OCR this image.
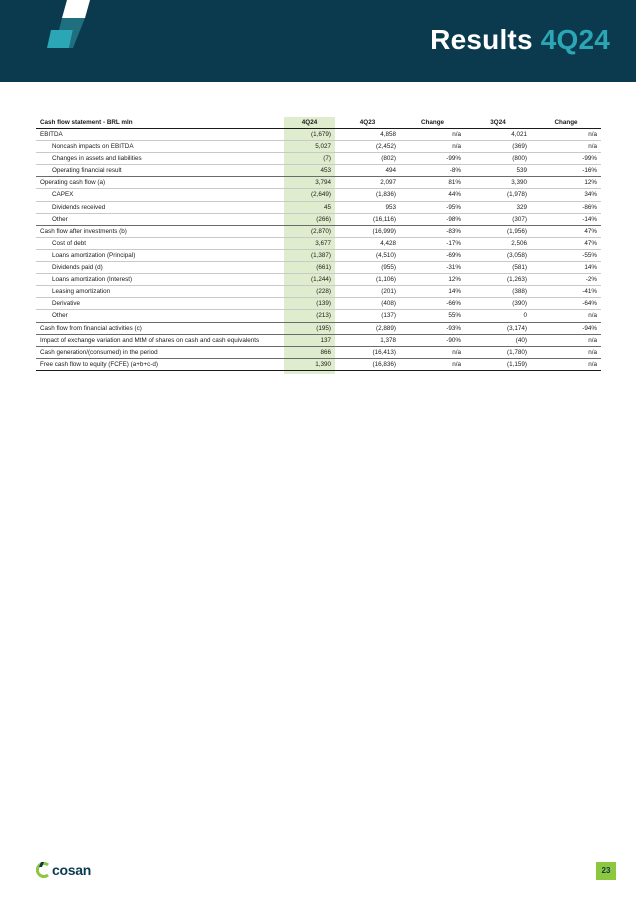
Results 4Q24
Cash flow statement - BRL mln	4Q24	4Q23	Change	3Q24	Change
EBITDA	(1,679)	4,858	n/a	4,021	n/a
Noncash impacts on EBITDA	5,027	(2,452)	n/a	(369)	n/a
Changes in assets and liabilities	(7)	(802)	-99%	(800)	-99%
Operating financial result	453	494	-8%	539	-16%
Operating cash flow (a)	3,794	2,097	81%	3,390	12%
CAPEX	(2,649)	(1,836)	44%	(1,978)	34%
Dividends received	45	953	-95%	329	-86%
Other	(266)	(16,116)	-98%	(307)	-14%
Cash flow after investments (b)	(2,870)	(16,999)	-83%	(1,956)	47%
Cost of debt	3,677	4,428	-17%	2,506	47%
Loans amortization (Principal)	(1,387)	(4,510)	-69%	(3,058)	-55%
Dividends paid (d)	(661)	(955)	-31%	(581)	14%
Loans amortization (Interest)	(1,244)	(1,106)	12%	(1,263)	-2%
Leasing amortization	(228)	(201)	14%	(388)	-41%
Derivative	(139)	(408)	-66%	(390)	-64%
Other	(213)	(137)	55%	0	n/a
Cash flow from financial activities (c)	(195)	(2,889)	-93%	(3,174)	-94%
Impact of exchange variation and MtM of shares on cash and cash equivalents	137	1,378	-90%	(40)	n/a
Cash generation/(consumed) in the period	866	(16,413)	n/a	(1,780)	n/a
Free cash flow to equity (FCFE) (a+b+c-d)	1,390	(16,836)	n/a	(1,159)	n/a
cosan	23
